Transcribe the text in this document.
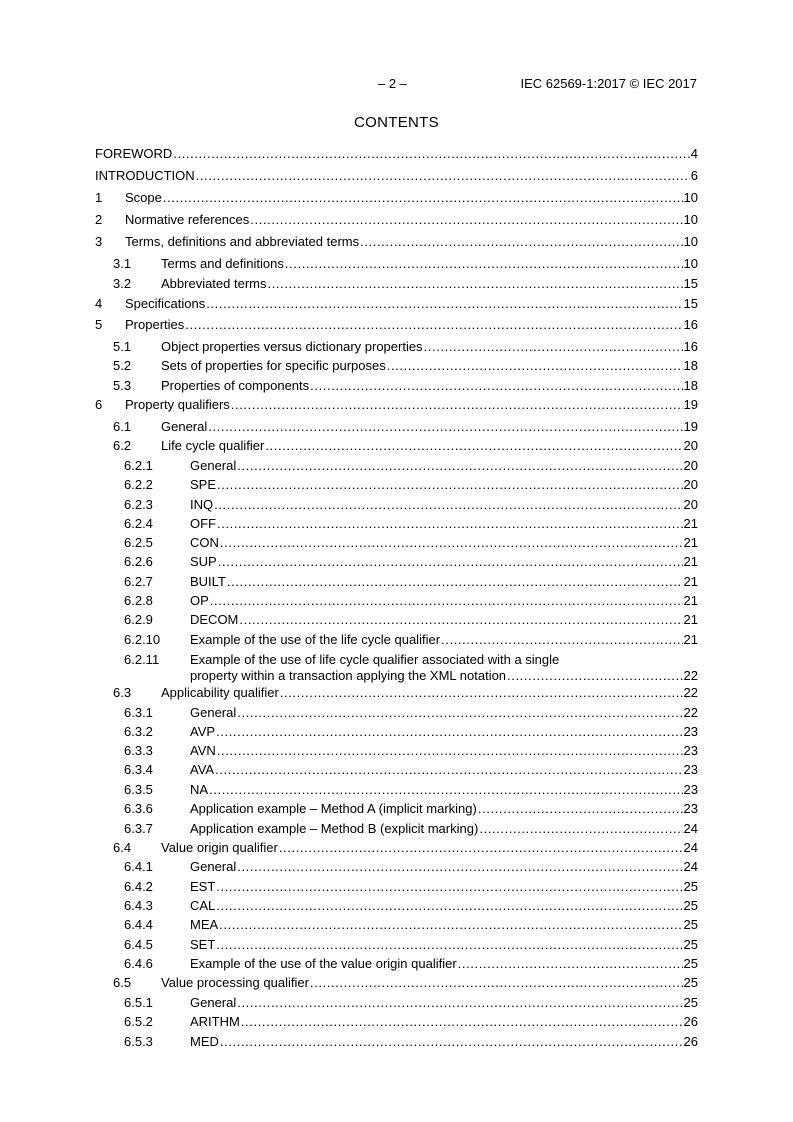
– 2 –	IEC 62569-1:2017 © IEC 2017
CONTENTS
FOREWORD .....	4
INTRODUCTION .....	6
1	Scope .....	10
2	Normative references .....	10
3	Terms, definitions and abbreviated terms .....	10
3.1	Terms and definitions .....	10
3.2	Abbreviated terms .....	15
4	Specifications .....	15
5	Properties .....	16
5.1	Object properties versus dictionary properties .....	16
5.2	Sets of properties for specific purposes .....	18
5.3	Properties of components .....	18
6	Property qualifiers .....	19
6.1	General .....	19
6.2	Life cycle qualifier .....	20
6.2.1	General .....	20
6.2.2	SPE .....	20
6.2.3	INQ .....	20
6.2.4	OFF .....	21
6.2.5	CON .....	21
6.2.6	SUP .....	21
6.2.7	BUILT .....	21
6.2.8	OP .....	21
6.2.9	DECOM .....	21
6.2.10	Example of the use of the life cycle qualifier .....	21
6.2.11	Example of the use of life cycle qualifier associated with a single
property within a transaction applying the XML notation .....	22
6.3	Applicability qualifier .....	22
6.3.1	General .....	22
6.3.2	AVP .....	23
6.3.3	AVN .....	23
6.3.4	AVA .....	23
6.3.5	NA .....	23
6.3.6	Application example – Method A (implicit marking) .....	23
6.3.7	Application example – Method B (explicit marking) .....	24
6.4	Value origin qualifier .....	24
6.4.1	General .....	24
6.4.2	EST .....	25
6.4.3	CAL .....	25
6.4.4	MEA .....	25
6.4.5	SET .....	25
6.4.6	Example of the use of the value origin qualifier .....	25
6.5	Value processing qualifier .....	25
6.5.1	General .....	25
6.5.2	ARITHM .....	26
6.5.3	MED .....	26
